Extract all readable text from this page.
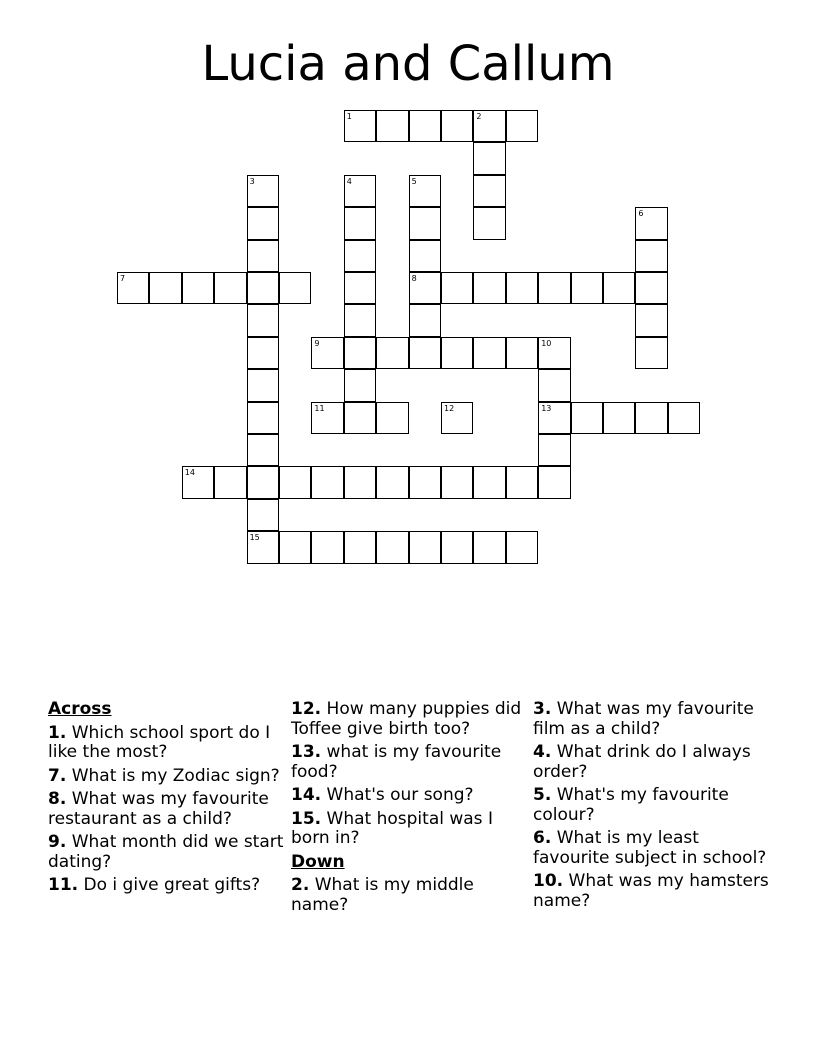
Lucia and Callum
1	2
3	4	5
8
6
7
9	10
13
11	12
14
15
Across
1. Which school sport do I like the most?
7. What is my Zodiac sign?
8. What was my favourite restaurant as a child?
9. What month did we start dating?
11. Do i give great gifts?
12. How many puppies did Toffee give birth too?
13. what is my favourite food?
14. What's our song?
15. What hospital was I born in?
Down
2. What is my middle name?
3. What was my favourite film as a child?
4. What drink do I always order?
5. What's my favourite colour?
6. What is my least favourite subject in school?
10. What was my hamsters name?
